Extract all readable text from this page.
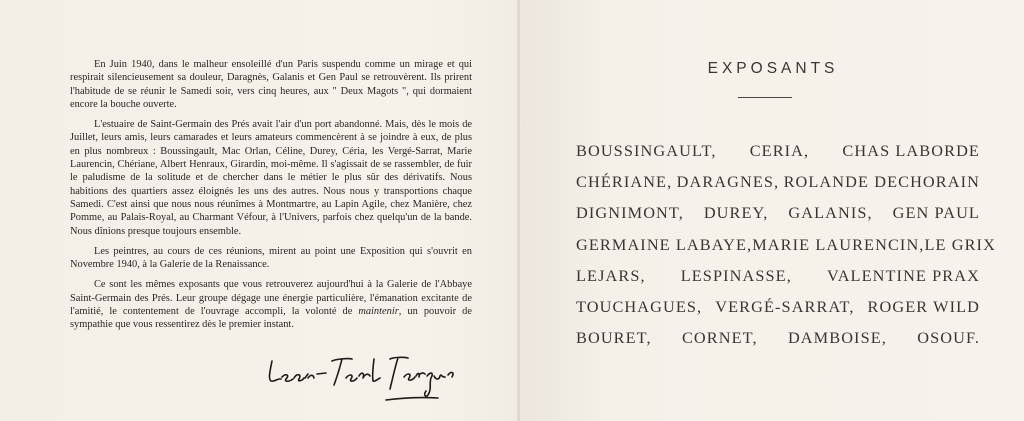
En Juin 1940, dans le malheur ensoleillé d'un Paris suspendu comme un mirage et qui respirait silencieusement sa douleur, Daragnès, Galanis et Gen Paul se retrouvèrent. Ils prirent l'habitude de se réunir le Samedi soir, vers cinq heures, aux " Deux Magots ", qui dormaient encore la bouche ouverte.

L'estuaire de Saint-Germain des Prés avait l'air d'un port abandonné. Mais, dès le mois de Juillet, leurs amis, leurs camarades et leurs amateurs commencèrent à se joindre à eux, de plus en plus nombreux : Boussingault, Mac Orlan, Céline, Durey, Céria, les Vergé-Sarrat, Marie Laurencin, Chériane, Albert Henraux, Girardin, moi-même. Il s'agissait de se rassembler, de fuir le paludisme de la solitude et de chercher dans le métier le plus sûr des dérivatifs. Nous habitions des quartiers assez éloignés les uns des autres. Nous nous y transportions chaque Samedi. C'est ainsi que nous nous réunîmes à Montmartre, au Lapin Agile, chez Manière, chez Pomme, au Palais-Royal, au Charmant Véfour, à l'Univers, parfois chez quelqu'un de la bande. Nous dînions presque toujours ensemble.

Les peintres, au cours de ces réunions, mirent au point une Exposition qui s'ouvrit en Novembre 1940, à la Galerie de la Renaissance.

Ce sont les mêmes exposants que vous retrouverez aujourd'hui à la Galerie de l'Abbaye Saint-Germain des Prés. Leur groupe dégage une énergie particulière, l'émanation excitante de l'amitié, le contentement de l'ouvrage accompli, la volonté de maintenir, un pouvoir de sympathie que vous ressentirez dès le premier instant.

EXPOSANTS
BOUSSINGAULT, CERIA, CHAS LABORDE
CHÉRIANE, DARAGNES, ROLANDE DECHORAIN
DIGNIMONT, DUREY, GALANIS, GEN PAUL
GERMAINE LABAYE, MARIE LAURENCIN, LE GRIX
LEJARS, LESPINASSE, VALENTINE PRAX
TOUCHAGUES, VERGÉ-SARRAT, ROGER WILD
BOURET, CORNET, DAMBOISE, OSOUF.
